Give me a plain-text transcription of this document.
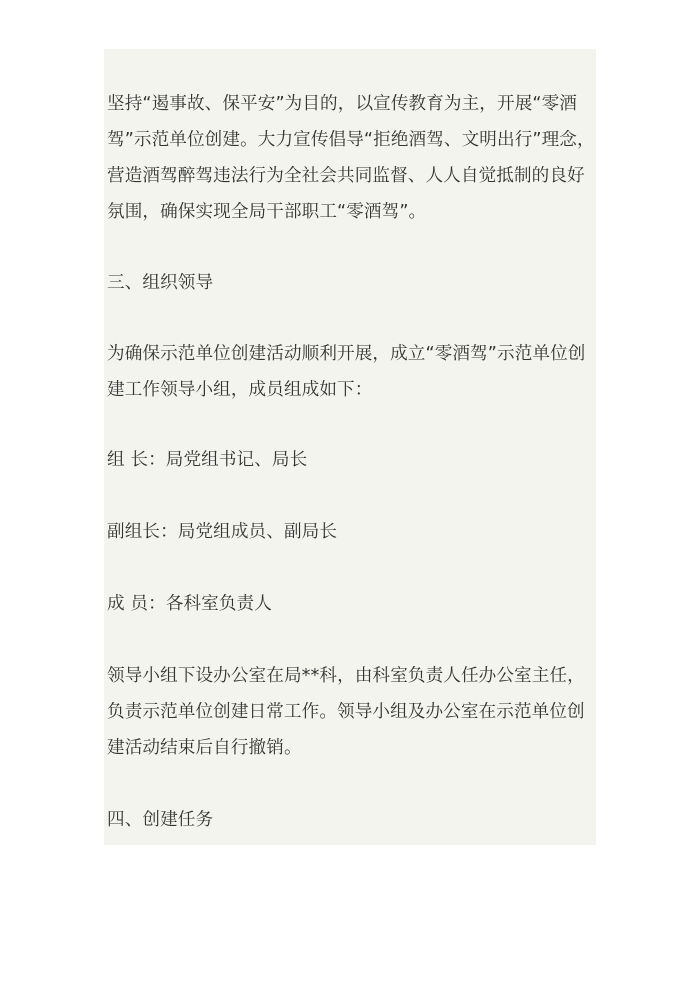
坚持“遏事故、保平安”为目的，以宣传教育为主，开展“零酒驾”示范单位创建。大力宣传倡导“拒绝酒驾、文明出行”理念，营造酒驾醉驾违法行为全社会共同监督、人人自觉抵制的良好氛围，确保实现全局干部职工“零酒驾”。

三、组织领导

为确保示范单位创建活动顺利开展，成立“零酒驾”示范单位创建工作领导小组，成员组成如下：

组 长：局党组书记、局长

副组长：局党组成员、副局长

成 员：各科室负责人

领导小组下设办公室在局**科，由科室负责人任办公室主任，负责示范单位创建日常工作。领导小组及办公室在示范单位创建活动结束后自行撤销。

四、创建任务
